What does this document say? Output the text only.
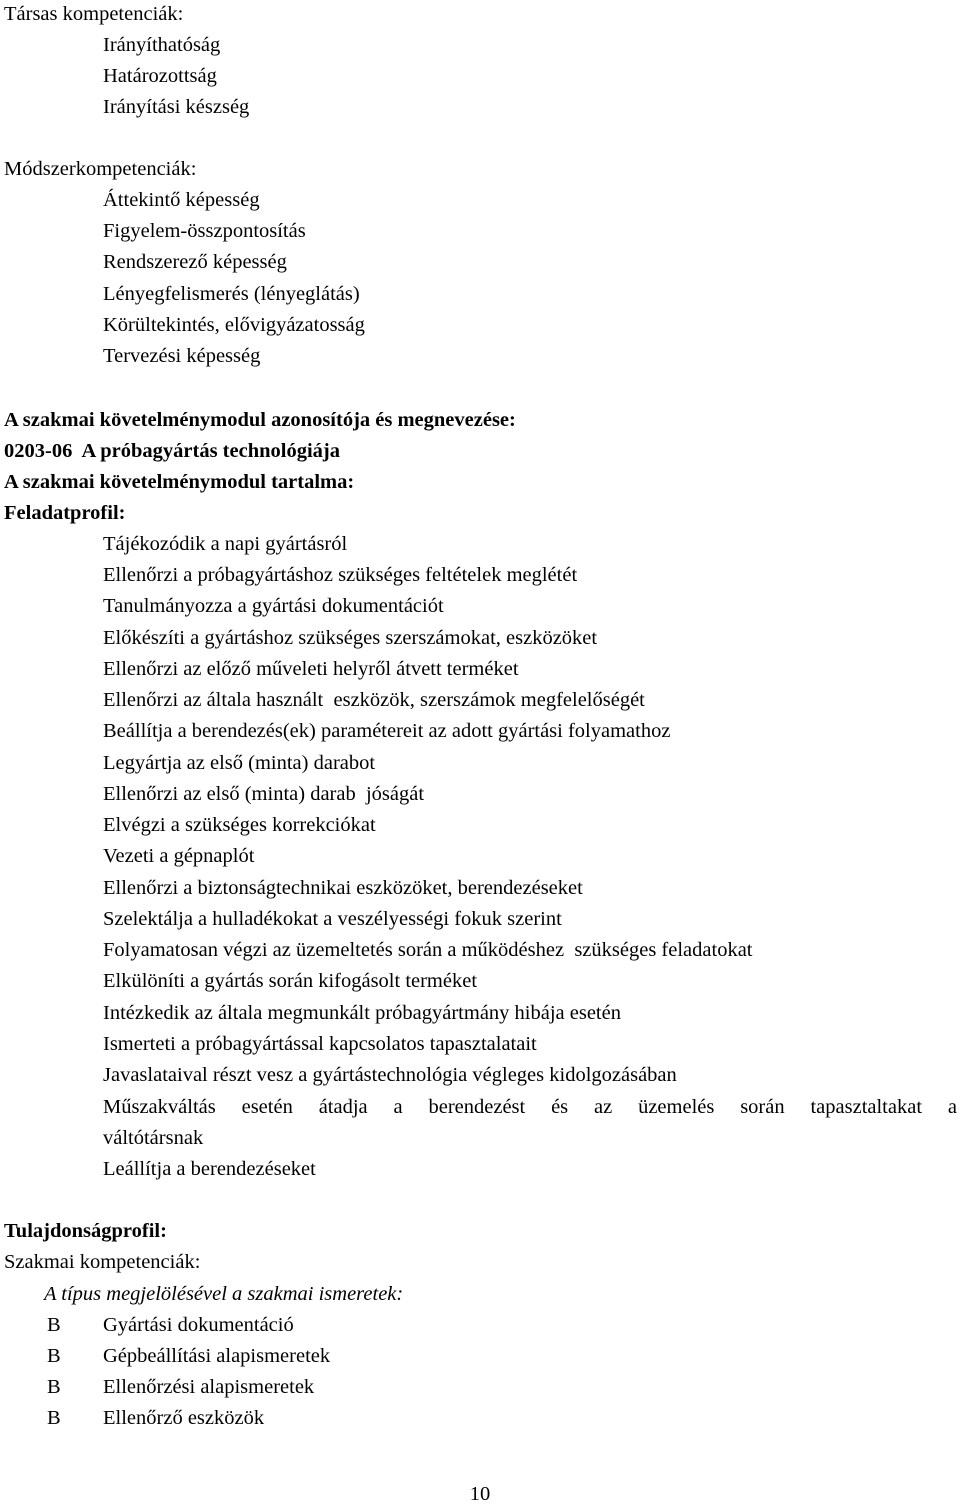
Társas kompetenciák:
Irányíthatóság
Határozottság
Irányítási készség
Módszerkompetenciák:
Áttekintő képesség
Figyelem-összpontosítás
Rendszerező képesség
Lényegfelismerés (lényeglátás)
Körültekintés, elővigyázatosság
Tervezési képesség
A szakmai követelménymodul azonosítója és megnevezése:
0203-06  A próbagyártás technológiája
A szakmai követelménymodul tartalma:
Feladatprofil:
Tájékozódik a napi gyártásról
Ellenőrzi a próbagyártáshoz szükséges feltételek meglétét
Tanulmányozza a gyártási dokumentációt
Előkészíti a gyártáshoz szükséges szerszámokat, eszközöket
Ellenőrzi az előző műveleti helyről átvett terméket
Ellenőrzi az általa használt  eszközök, szerszámok megfelelőségét
Beállítja a berendezés(ek) paramétereit az adott gyártási folyamathoz
Legyártja az első (minta) darabot
Ellenőrzi az első (minta) darab  jóságát
Elvégzi a szükséges korrekciókat
Vezeti a gépnaplót
Ellenőrzi a biztonságtechnikai eszközöket, berendezéseket
Szelektálja a hulladékokat a veszélyességi fokuk szerint
Folyamatosan végzi az üzemeltetés során a működéshez  szükséges feladatokat
Elkülöníti a gyártás során kifogásolt terméket
Intézkedik az általa megmunkált próbagyártmány hibája esetén
Ismerteti a próbagyártással kapcsolatos tapasztalatait
Javaslataival részt vesz a gyártástechnológia végleges kidolgozásában
Műszakváltás esetén átadja a berendezést és az üzemelés során tapasztaltakat a
váltótársnak
Leállítja a berendezéseket
Tulajdonságprofil:
Szakmai kompetenciák:
A típus megjelölésével a szakmai ismeretek:
B Gyártási dokumentáció
B Gépbeállítási alapismeretek
B Ellenőrzési alapismeretek
B Ellenőrző eszközök
10
